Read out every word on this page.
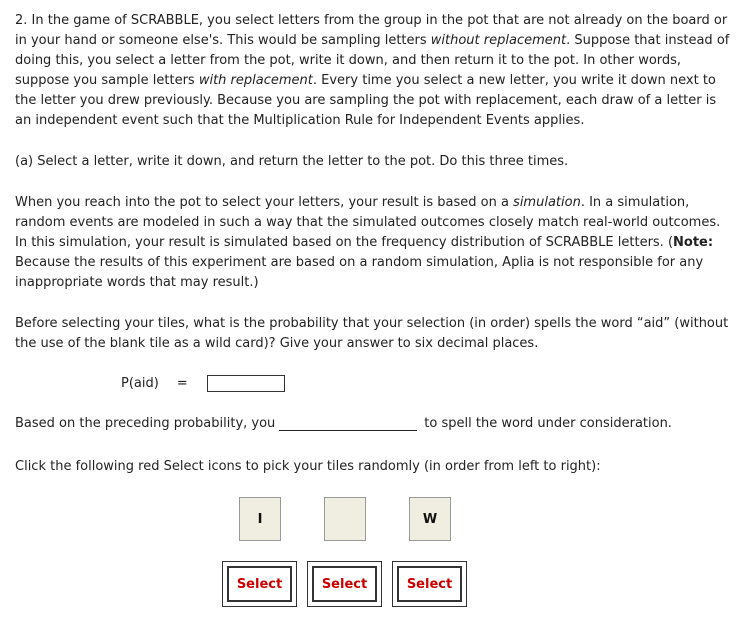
2. In the game of SCRABBLE, you select letters from the group in the pot that are not already on the board or in your hand or someone else's. This would be sampling letters without replacement. Suppose that instead of doing this, you select a letter from the pot, write it down, and then return it to the pot. In other words, suppose you sample letters with replacement. Every time you select a new letter, you write it down next to the letter you drew previously. Because you are sampling the pot with replacement, each draw of a letter is an independent event such that the Multiplication Rule for Independent Events applies.

(a) Select a letter, write it down, and return the letter to the pot. Do this three times.

When you reach into the pot to select your letters, your result is based on a simulation. In a simulation, random events are modeled in such a way that the simulated outcomes closely match real-world outcomes. In this simulation, your result is simulated based on the frequency distribution of SCRABBLE letters. (Note: Because the results of this experiment are based on a random simulation, Aplia is not responsible for any inappropriate words that may result.)

Before selecting your tiles, what is the probability that your selection (in order) spells the word “aid” (without the use of the blank tile as a wild card)? Give your answer to six decimal places.

P(aid) =
Based on the preceding probability, you	to spell the word under consideration.

Click the following red Select icons to pick your tiles randomly (in order from left to right):

I	W
Select	Select	Select
